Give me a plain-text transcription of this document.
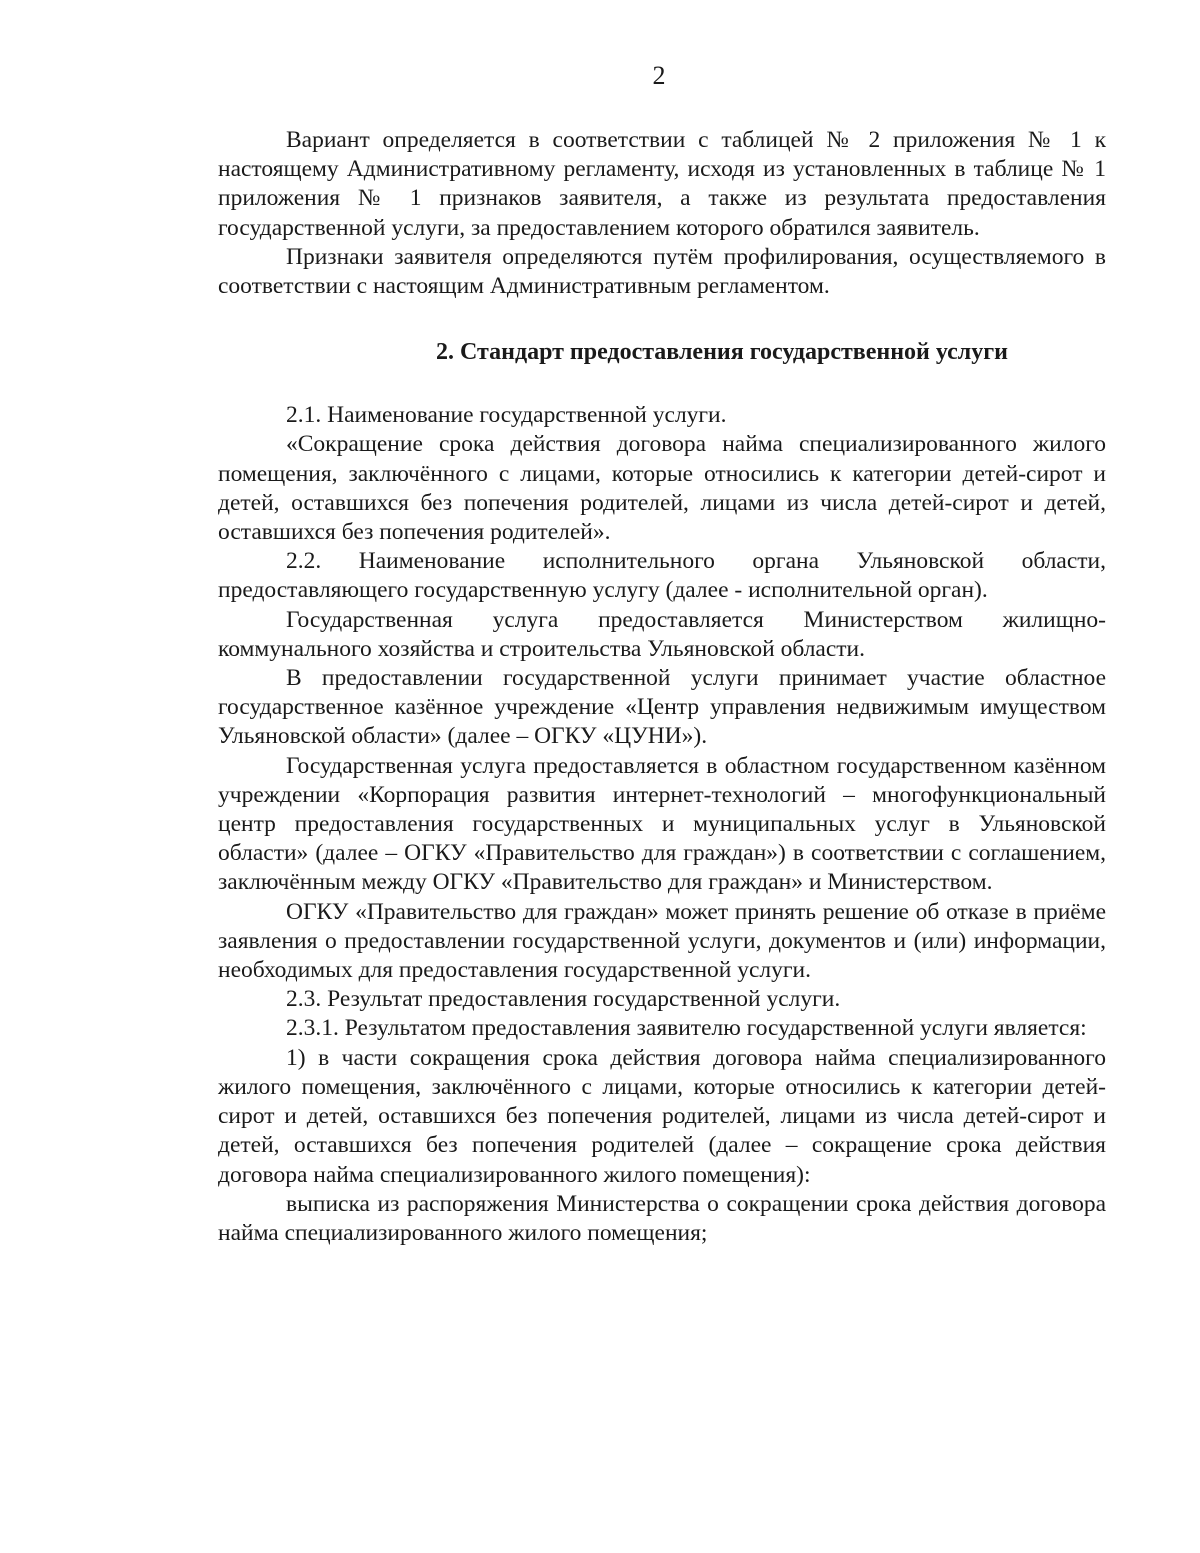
2

Вариант определяется в соответствии с таблицей № 2 приложения № 1 к настоящему Административному регламенту, исходя из установленных в таблице № 1 приложения № 1 признаков заявителя, а также из результата предоставления государственной услуги, за предоставлением которого обратился заявитель.

Признаки заявителя определяются путём профилирования, осуществляемого в соответствии с настоящим Административным регламентом.

2. Стандарт предоставления государственной услуги

2.1. Наименование государственной услуги.

«Сокращение срока действия договора найма специализированного жилого помещения, заключённого с лицами, которые относились к категории детей-сирот и детей, оставшихся без попечения родителей, лицами из числа детей-сирот и детей, оставшихся без попечения родителей».

2.2. Наименование исполнительного органа Ульяновской области, предоставляющего государственную услугу (далее - исполнительной орган).

Государственная услуга предоставляется Министерством жилищно-коммунального хозяйства и строительства Ульяновской области.

В предоставлении государственной услуги принимает участие областное государственное казённое учреждение «Центр управления недвижимым имуществом Ульяновской области» (далее – ОГКУ «ЦУНИ»).

Государственная услуга предоставляется в областном государственном казённом учреждении «Корпорация развития интернет-технологий – многофункциональный центр предоставления государственных и муниципальных услуг в Ульяновской области» (далее – ОГКУ «Правительство для граждан») в соответствии с соглашением, заключённым между ОГКУ «Правительство для граждан» и Министерством.

ОГКУ «Правительство для граждан» может принять решение об отказе в приёме заявления о предоставлении государственной услуги, документов и (или) информации, необходимых для предоставления государственной услуги.

2.3. Результат предоставления государственной услуги.

2.3.1. Результатом предоставления заявителю государственной услуги является:

1) в части сокращения срока действия договора найма специализированного жилого помещения, заключённого с лицами, которые относились к категории детей-сирот и детей, оставшихся без попечения родителей, лицами из числа детей-сирот и детей, оставшихся без попечения родителей (далее – сокращение срока действия договора найма специализированного жилого помещения):

выписка из распоряжения Министерства о сокращении срока действия договора найма специализированного жилого помещения;
